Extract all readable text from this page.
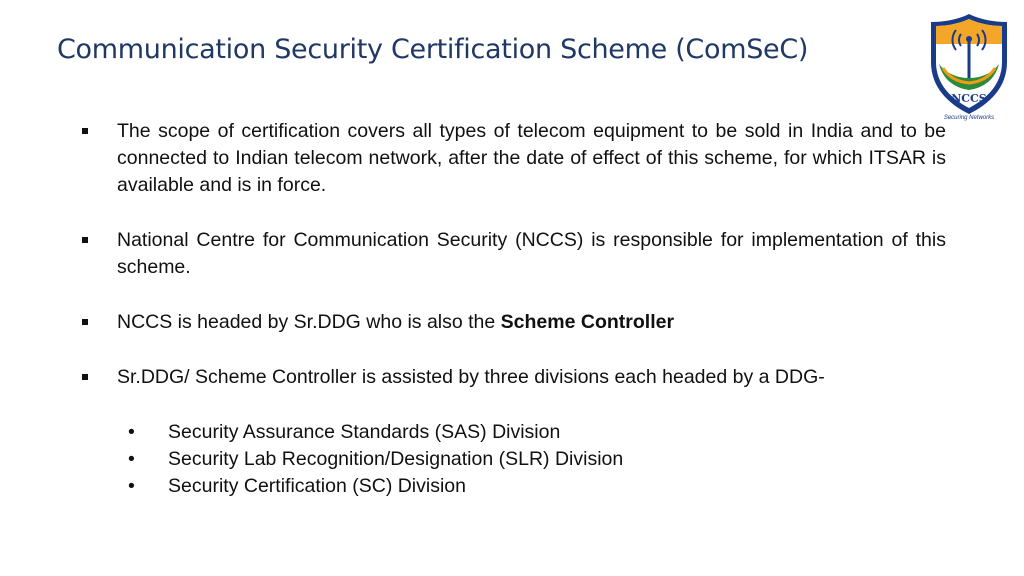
Communication Security Certification Scheme (ComSeC)
NCCS
Securing Networks
The scope of certification covers all types of telecom equipment to be sold in India and to be connected to Indian telecom network, after the date of effect of this scheme, for which ITSAR is available and is in force.
National Centre for Communication Security (NCCS) is responsible for implementation of this scheme.
NCCS is headed by Sr.DDG who is also the Scheme Controller
Sr.DDG/ Scheme Controller is assisted by three divisions each headed by a DDG-
• Security Assurance Standards (SAS) Division
• Security Lab Recognition/Designation (SLR) Division
• Security Certification (SC) Division
